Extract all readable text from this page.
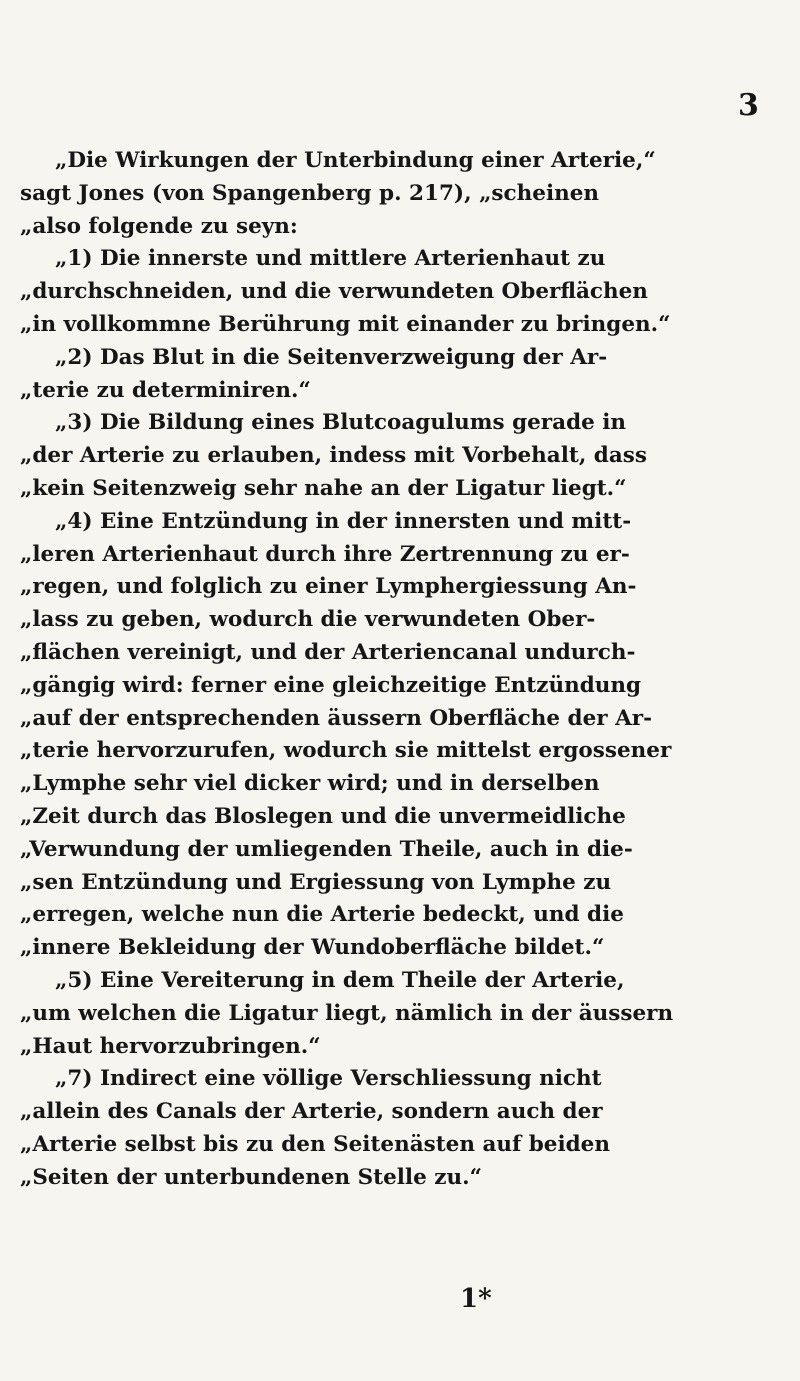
3
„Die Wirkungen der Unterbindung einer Arterie,“
sagt Jones (von Spangenberg p. 217), „scheinen
„also folgende zu seyn:
„1) Die innerste und mittlere Arterienhaut zu
„durchschneiden, und die verwundeten Oberflächen
„in vollkommne Berührung mit einander zu bringen.“
„2) Das Blut in die Seitenverzweigung der Ar-
„terie zu determiniren.“
„3) Die Bildung eines Blutcoagulums gerade in
„der Arterie zu erlauben, indess mit Vorbehalt, dass
„kein Seitenzweig sehr nahe an der Ligatur liegt.“
„4) Eine Entzündung in der innersten und mitt-
„leren Arterienhaut durch ihre Zertrennung zu er-
„regen, und folglich zu einer Lymphergiessung An-
„lass zu geben, wodurch die verwundeten Ober-
„flächen vereinigt, und der Arteriencanal undurch-
„gängig wird: ferner eine gleichzeitige Entzündung
„auf der entsprechenden äussern Oberfläche der Ar-
„terie hervorzurufen, wodurch sie mittelst ergossener
„Lymphe sehr viel dicker wird; und in derselben
„Zeit durch das Bloslegen und die unvermeidliche
„Verwundung der umliegenden Theile, auch in die-
„sen Entzündung und Ergiessung von Lymphe zu
„erregen, welche nun die Arterie bedeckt, und die
„innere Bekleidung der Wundoberfläche bildet.“
„5) Eine Vereiterung in dem Theile der Arterie,
„um welchen die Ligatur liegt, nämlich in der äussern
„Haut hervorzubringen.“
„7) Indirect eine völlige Verschliessung nicht
„allein des Canals der Arterie, sondern auch der
„Arterie selbst bis zu den Seitenästen auf beiden
„Seiten der unterbundenen Stelle zu.“
1*
